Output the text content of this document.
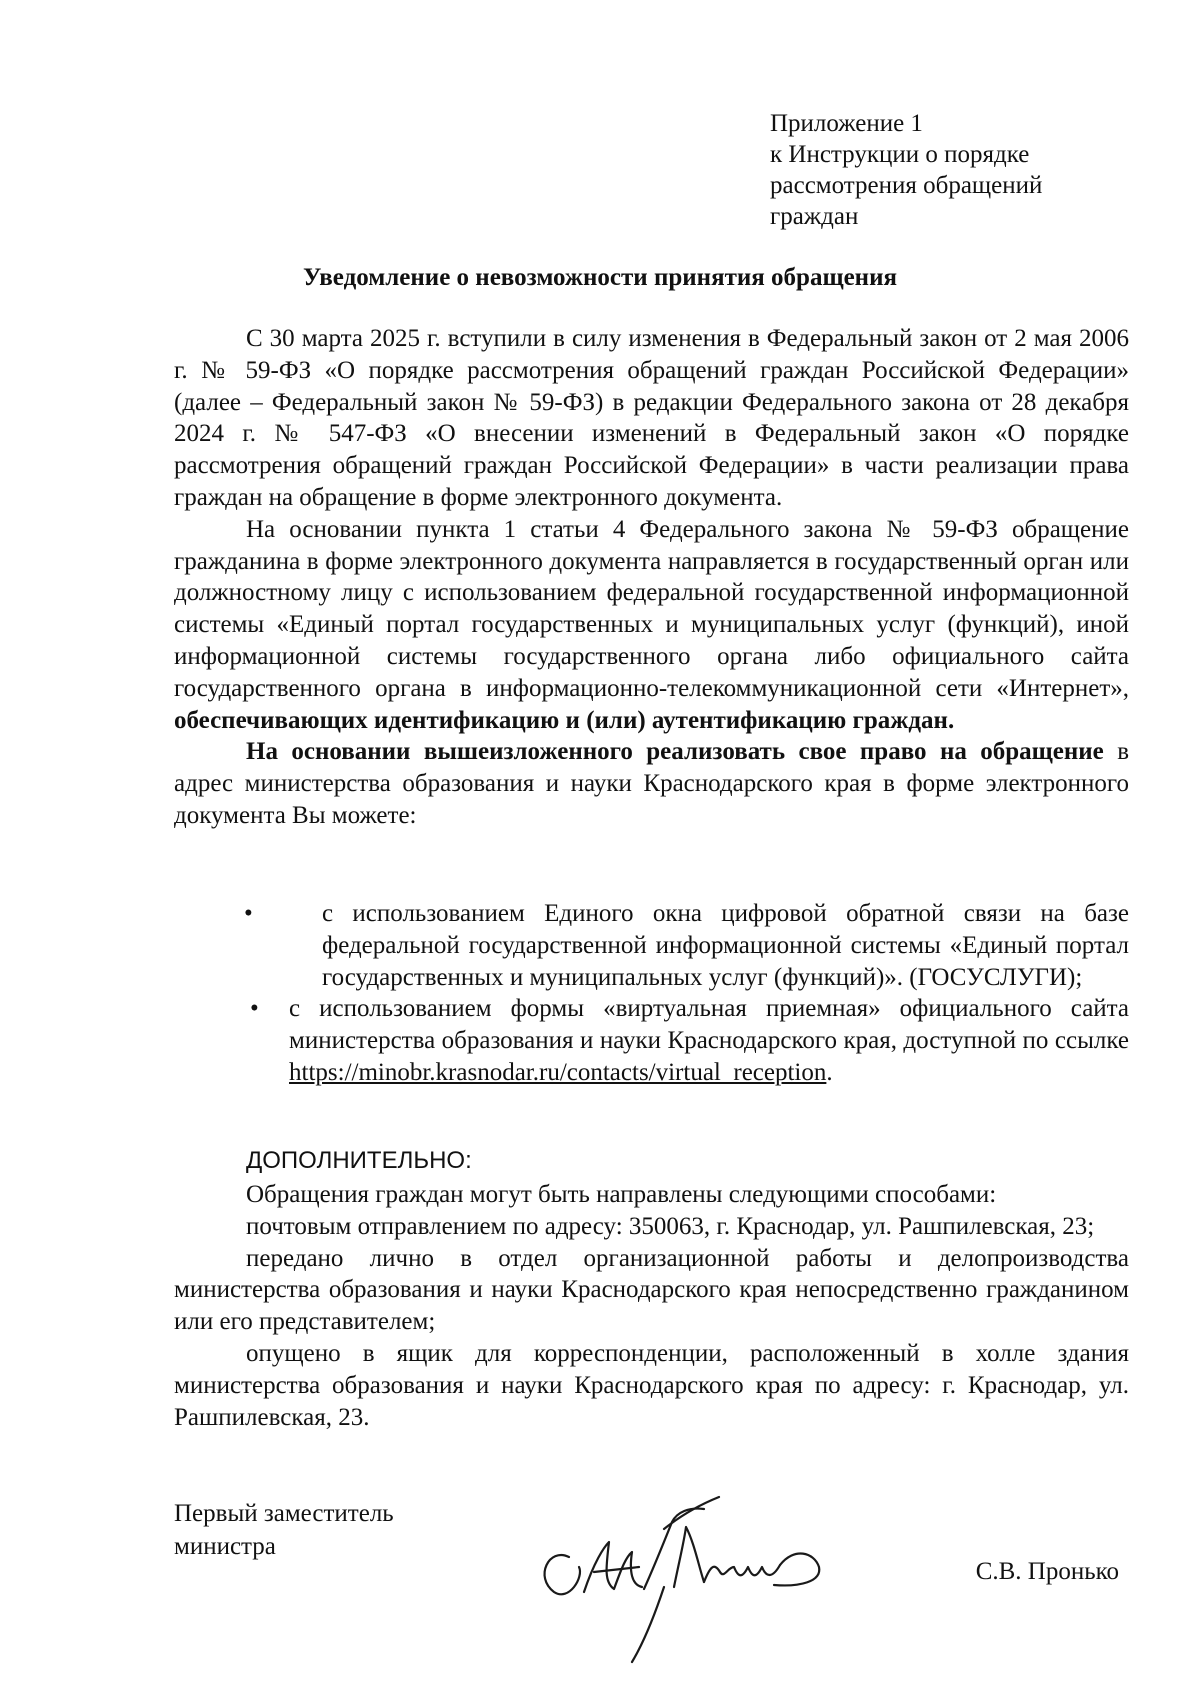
Приложение 1
к Инструкции о порядке
рассмотрения обращений
граждан
Уведомление о невозможности принятия обращения

С 30 марта 2025 г. вступили в силу изменения в Федеральный закон от 2 мая 2006 г. № 59-ФЗ «О порядке рассмотрения обращений граждан Российской Федерации» (далее – Федеральный закон № 59-ФЗ) в редакции Федерального закона от 28 декабря 2024 г. № 547-ФЗ «О внесении изменений в Федеральный закон «О порядке рассмотрения обращений граждан Российской Федерации» в части реализации права граждан на обращение в форме электронного документа.

На основании пункта 1 статьи 4 Федерального закона № 59-ФЗ обращение гражданина в форме электронного документа направляется в государственный орган или должностному лицу с использованием федеральной государственной информационной системы «Единый портал государственных и муниципальных услуг (функций), иной информационной системы государственного органа либо официального сайта государственного органа в информационно-телекоммуникационной сети «Интернет», обеспечивающих идентификацию и (или) аутентификацию граждан.

На основании вышеизложенного реализовать свое право на обращение в адрес министерства образования и науки Краснодарского края в форме электронного документа Вы можете:

•	с использованием Единого окна цифровой обратной связи на базе федеральной государственной информационной системы «Единый портал государственных и муниципальных услуг (функций)». (ГОСУСЛУГИ);
• с использованием формы «виртуальная приемная» официального сайта министерства образования и науки Краснодарского края, доступной по ссылке https://minobr.krasnodar.ru/contacts/virtual_reception.
ДОПОЛНИТЕЛЬНО:

Обращения граждан могут быть направлены следующими способами:

почтовым отправлением по адресу: 350063, г. Краснодар, ул. Рашпилевская, 23;

передано лично в отдел организационной работы и делопроизводства министерства образования и науки Краснодарского края непосредственно гражданином или его представителем;

опущено в ящик для корреспонденции, расположенный в холле здания министерства образования и науки Краснодарского края по адресу: г. Краснодар, ул. Рашпилевская, 23.

Первый заместитель
министра
С.В. Пронько
